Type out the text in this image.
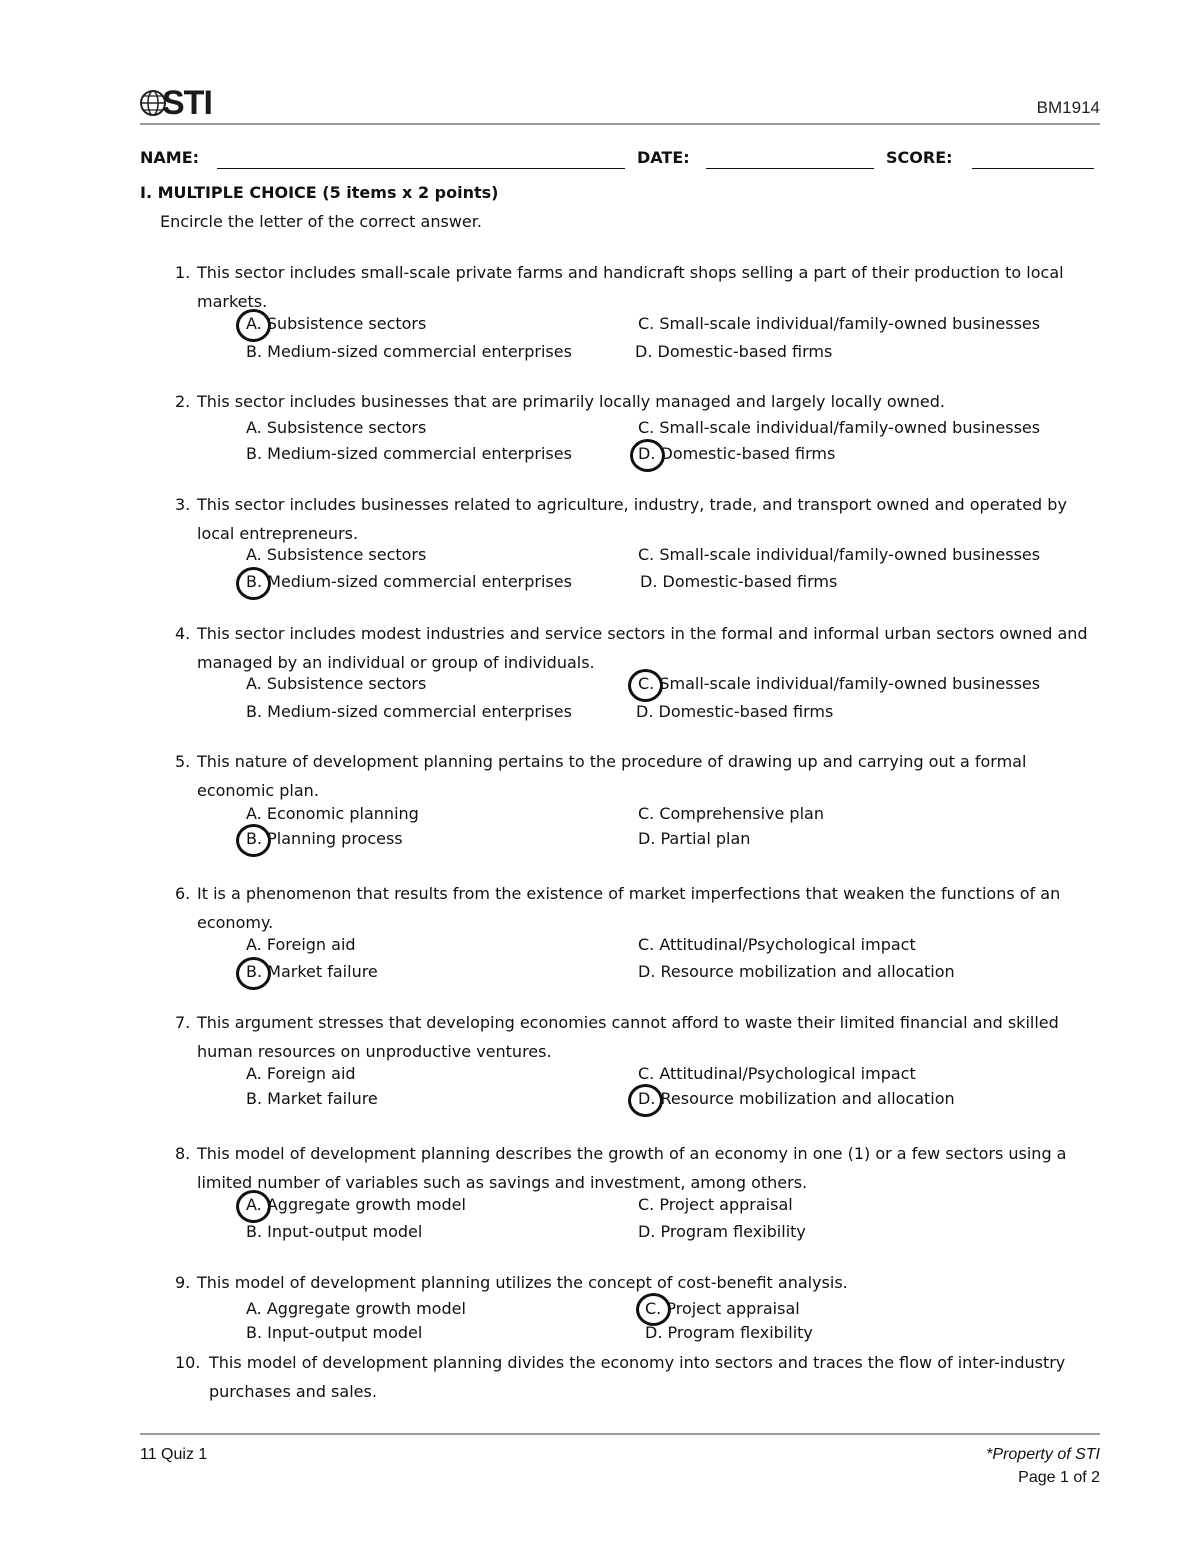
STI	BM1914
NAME:	DATE:	SCORE:
I. MULTIPLE CHOICE (5 items x 2 points)
Encircle the letter of the correct answer.
1. This sector includes small-scale private farms and handicraft shops selling a part of their production to local markets.
A. Subsistence sectors	C. Small-scale individual/family-owned businesses
B. Medium-sized commercial enterprises	D. Domestic-based firms
2. This sector includes businesses that are primarily locally managed and largely locally owned.
A. Subsistence sectors	C. Small-scale individual/family-owned businesses
B. Medium-sized commercial enterprises	D. Domestic-based firms
3. This sector includes businesses related to agriculture, industry, trade, and transport owned and operated by local entrepreneurs.
A. Subsistence sectors	C. Small-scale individual/family-owned businesses
B. Medium-sized commercial enterprises	D. Domestic-based firms
4. This sector includes modest industries and service sectors in the formal and informal urban sectors owned and managed by an individual or group of individuals.
A. Subsistence sectors	C. Small-scale individual/family-owned businesses
B. Medium-sized commercial enterprises	D. Domestic-based firms
5. This nature of development planning pertains to the procedure of drawing up and carrying out a formal economic plan.
A. Economic planning	C. Comprehensive plan
B. Planning process	D. Partial plan
6. It is a phenomenon that results from the existence of market imperfections that weaken the functions of an economy.
A. Foreign aid	C. Attitudinal/Psychological impact
B. Market failure	D. Resource mobilization and allocation
7. This argument stresses that developing economies cannot afford to waste their limited financial and skilled human resources on unproductive ventures.
A. Foreign aid	C. Attitudinal/Psychological impact
B. Market failure	D. Resource mobilization and allocation
8. This model of development planning describes the growth of an economy in one (1) or a few sectors using a limited number of variables such as savings and investment, among others.
A. Aggregate growth model	C. Project appraisal
B. Input-output model	D. Program flexibility
9. This model of development planning utilizes the concept of cost-benefit analysis.
A. Aggregate growth model	C. Project appraisal
B. Input-output model	D. Program flexibility
10. This model of development planning divides the economy into sectors and traces the flow of inter-industry purchases and sales.
11 Quiz 1	*Property of STI
Page 1 of 2
